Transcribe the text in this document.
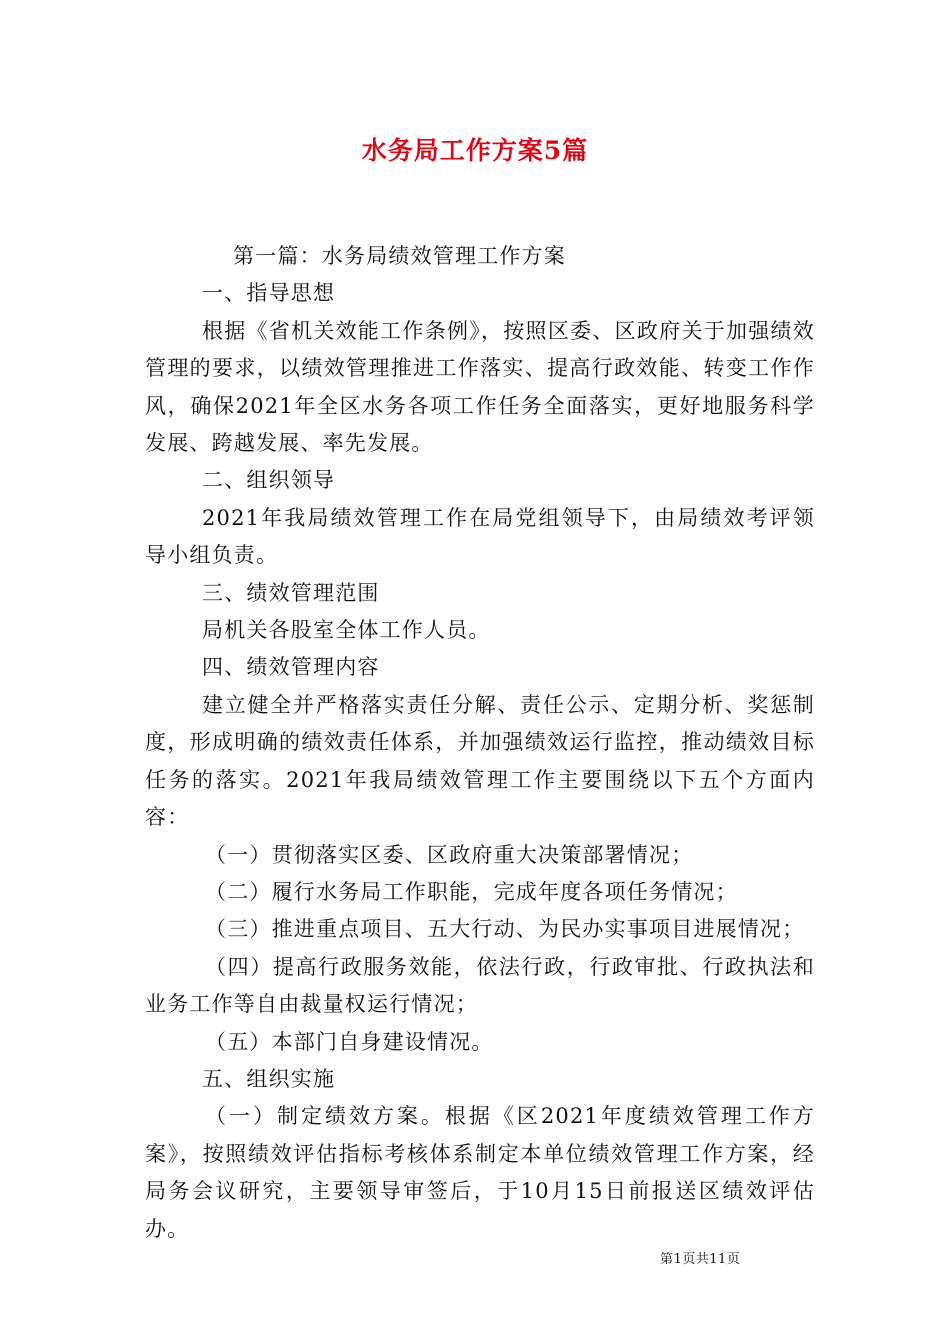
水务局工作方案5篇

第一篇：水务局绩效管理工作方案

一、指导思想

根据《省机关效能工作条例》，按照区委、区政府关于加强绩效管理的要求，以绩效管理推进工作落实、提高行政效能、转变工作作风，确保2021年全区水务各项工作任务全面落实，更好地服务科学发展、跨越发展、率先发展。

二、组织领导

2021年我局绩效管理工作在局党组领导下，由局绩效考评领导小组负责。

三、绩效管理范围

局机关各股室全体工作人员。

四、绩效管理内容

建立健全并严格落实责任分解、责任公示、定期分析、奖惩制度，形成明确的绩效责任体系，并加强绩效运行监控，推动绩效目标任务的落实。2021年我局绩效管理工作主要围绕以下五个方面内容：

（一）贯彻落实区委、区政府重大决策部署情况；

（二）履行水务局工作职能，完成年度各项任务情况；

（三）推进重点项目、五大行动、为民办实事项目进展情况；

（四）提高行政服务效能，依法行政，行政审批、行政执法和业务工作等自由裁量权运行情况；

（五）本部门自身建设情况。

五、组织实施

（一）制定绩效方案。根据《区2021年度绩效管理工作方案》，按照绩效评估指标考核体系制定本单位绩效管理工作方案，经局务会议研究，主要领导审签后，于10月15日前报送区绩效评估办。

第1页共11页
